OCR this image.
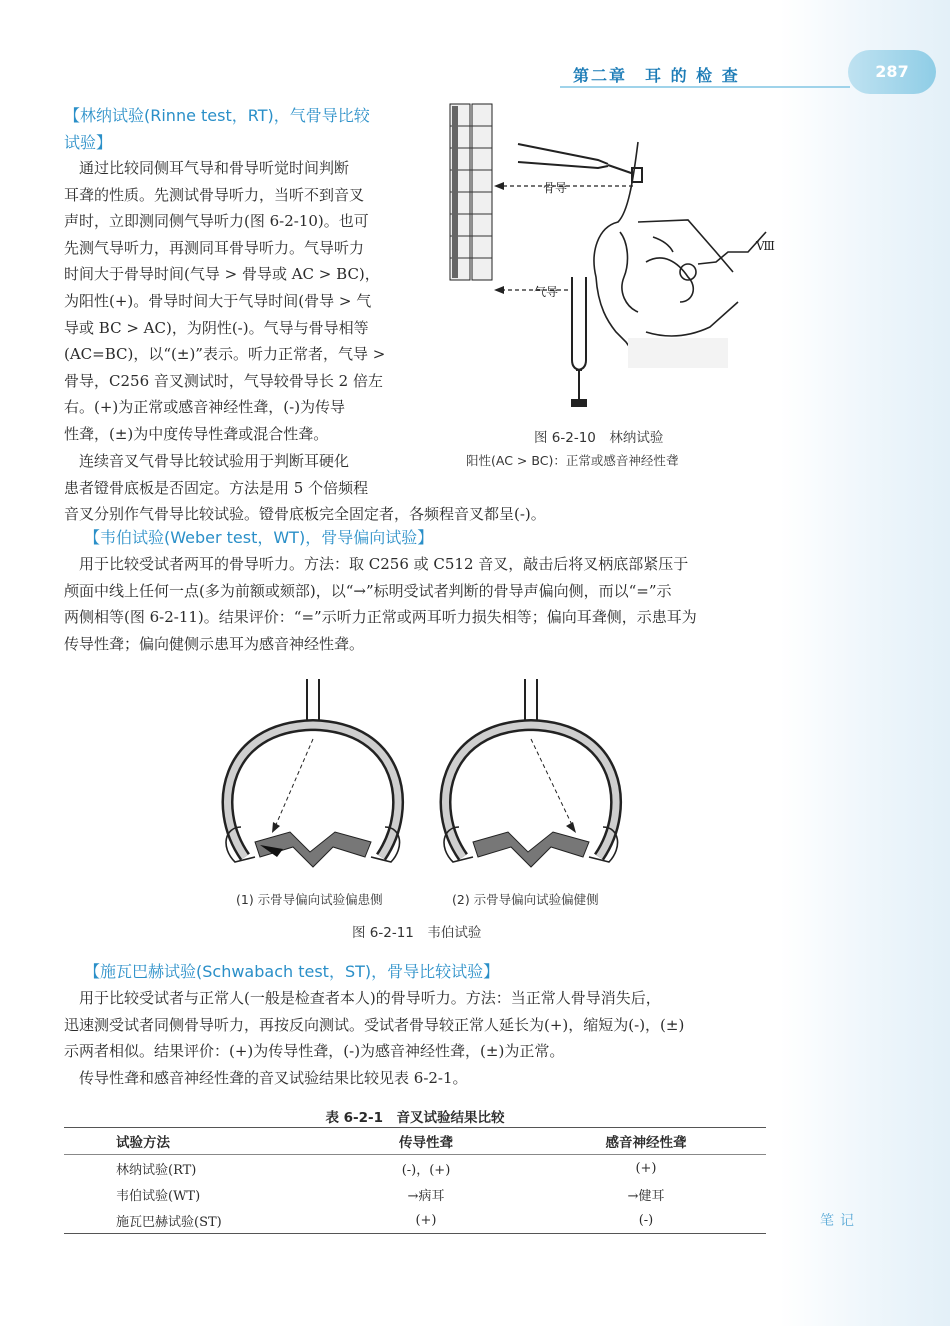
第二章　耳 的 检 查	287
【林纳试验(Rinne test，RT)，气骨导比较
试验】
　通过比较同侧耳气导和骨导听觉时间判断
耳聋的性质。先测试骨导听力，当听不到音叉
声时，立即测同侧气导听力(图 6-2-10)。也可
先测气导听力，再测同耳骨导听力。气导听力
时间大于骨导时间(气导 > 骨导或 AC > BC)，
为阳性(+)。骨导时间大于气导时间(骨导 > 气
导或 BC > AC)，为阴性(-)。气导与骨导相等
(AC=BC)，以“(±)”表示。听力正常者，气导 >
骨导，C256 音叉测试时，气导较骨导长 2 倍左
右。(+)为正常或感音神经性聋，(-)为传导
性聋，(±)为中度传导性聋或混合性聋。
　连续音叉气骨导比较试验用于判断耳硬化
患者镫骨底板是否固定。方法是用 5 个倍频程
音叉分别作气骨导比较试验。镫骨底板完全固定者，各频程音叉都呈(-)。
骨导
气导
Ⅷ
图 6-2-10　林纳试验
阳性(AC > BC)：正常或感音神经性聋
【韦伯试验(Weber test，WT)，骨导偏向试验】
　用于比较受试者两耳的骨导听力。方法：取 C256 或 C512 音叉，敲击后将叉柄底部紧压于
颅面中线上任何一点(多为前额或颏部)，以“→”标明受试者判断的骨导声偏向侧，而以“=”示
两侧相等(图 6-2-11)。结果评价：“=”示听力正常或两耳听力损失相等；偏向耳聋侧，示患耳为
传导性聋；偏向健侧示患耳为感音神经性聋。
(1) 示骨导偏向试验偏患侧	(2) 示骨导偏向试验偏健侧
图 6-2-11　韦伯试验
【施瓦巴赫试验(Schwabach test，ST)，骨导比较试验】
　用于比较受试者与正常人(一般是检查者本人)的骨导听力。方法：当正常人骨导消失后，
迅速测受试者同侧骨导听力，再按反向测试。受试者骨导较正常人延长为(+)，缩短为(-)，(±)
示两者相似。结果评价：(+)为传导性聋，(-)为感音神经性聋，(±)为正常。
　传导性聋和感音神经性聋的音叉试验结果比较见表 6-2-1。
表 6-2-1　音叉试验结果比较
试验方法	传导性聋	感音神经性聋
林纳试验(RT)	(-)，(+)	(+)
韦伯试验(WT)	→病耳	→健耳
施瓦巴赫试验(ST)	(+)	(-)	笔记
